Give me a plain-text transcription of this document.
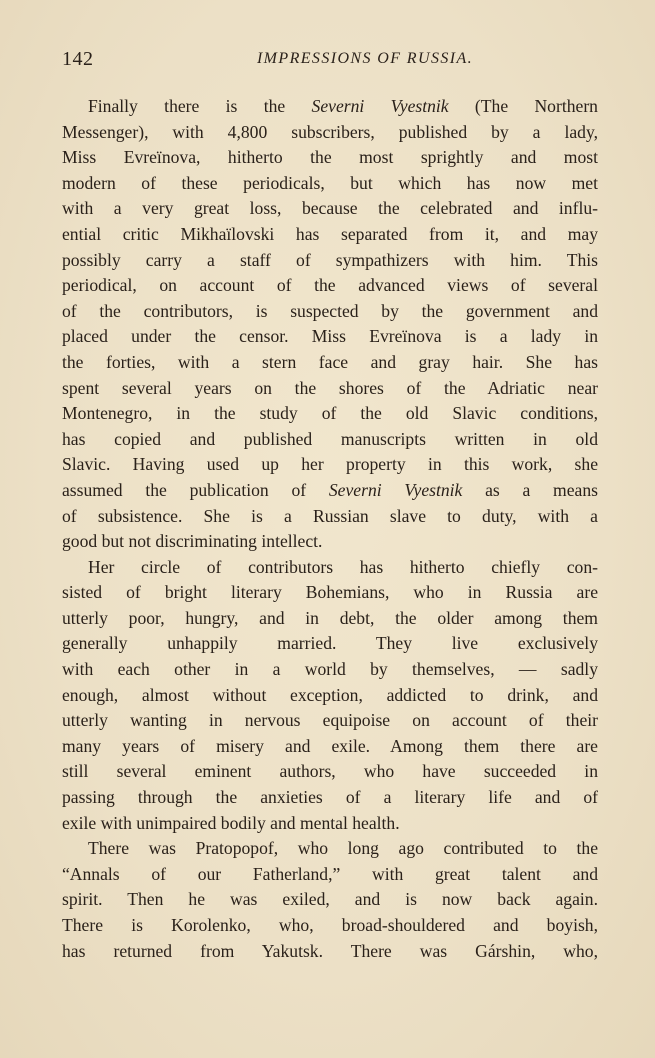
142	IMPRESSIONS OF RUSSIA.
Finally there is the Severni Vyestnik (The Northern
Messenger), with 4,800 subscribers, published by a lady,
Miss Evreïnova, hitherto the most sprightly and most
modern of these periodicals, but which has now met
with a very great loss, because the celebrated and influ-
ential critic Mikhaïlovski has separated from it, and may
possibly carry a staff of sympathizers with him. This
periodical, on account of the advanced views of several
of the contributors, is suspected by the government and
placed under the censor. Miss Evreïnova is a lady in
the forties, with a stern face and gray hair. She has
spent several years on the shores of the Adriatic near
Montenegro, in the study of the old Slavic conditions,
has copied and published manuscripts written in old
Slavic. Having used up her property in this work, she
assumed the publication of Severni Vyestnik as a means
of subsistence. She is a Russian slave to duty, with a
good but not discriminating intellect.
Her circle of contributors has hitherto chiefly con-
sisted of bright literary Bohemians, who in Russia are
utterly poor, hungry, and in debt, the older among them
generally unhappily married. They live exclusively
with each other in a world by themselves, — sadly
enough, almost without exception, addicted to drink, and
utterly wanting in nervous equipoise on account of their
many years of misery and exile. Among them there are
still several eminent authors, who have succeeded in
passing through the anxieties of a literary life and of
exile with unimpaired bodily and mental health.
There was Pratopopof, who long ago contributed to the
“Annals of our Fatherland,” with great talent and
spirit. Then he was exiled, and is now back again.
There is Korolenko, who, broad-shouldered and boyish,
has returned from Yakutsk. There was Gárshin, who,
